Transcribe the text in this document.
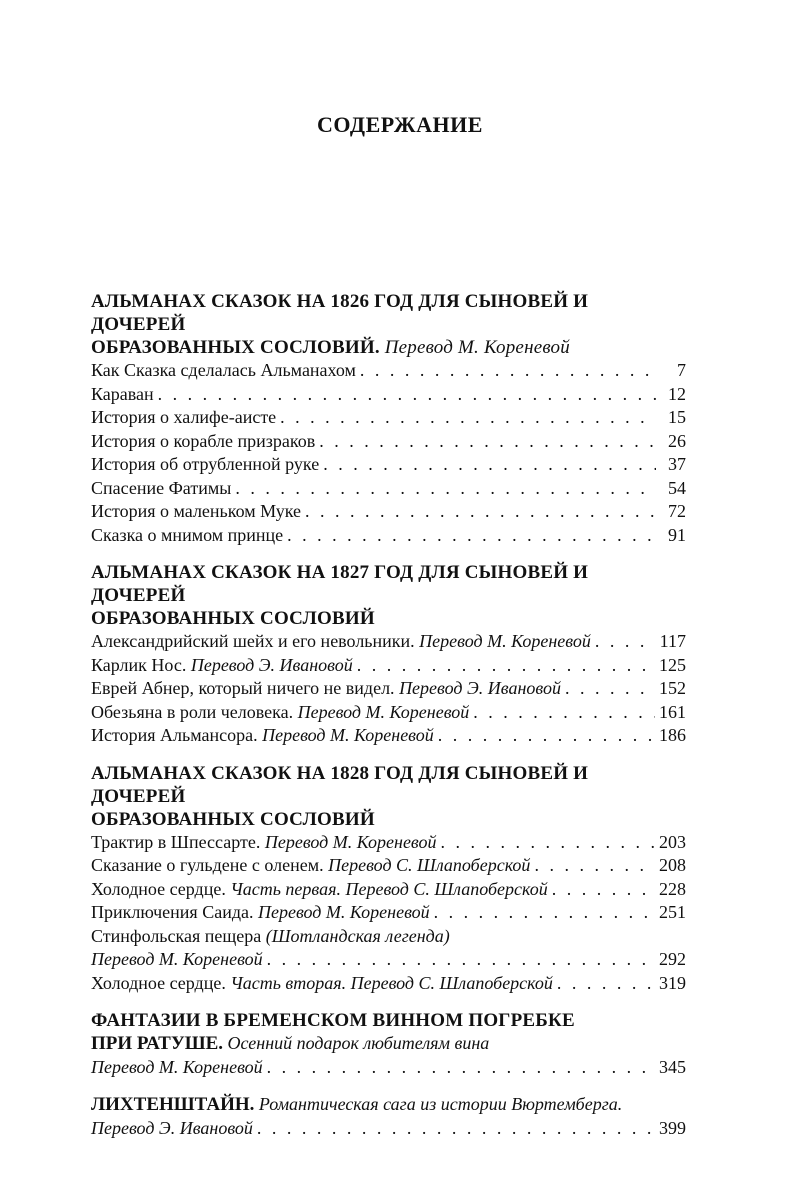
СОДЕРЖАНИЕ
АЛЬМАНАХ СКАЗОК НА 1826 ГОД ДЛЯ СЫНОВЕЙ И ДОЧЕРЕЙ
ОБРАЗОВАННЫХ СОСЛОВИЙ. Перевод М. Кореневой
Как Сказка сделалась Альманахом . . .	7
Караван . . .	12
История о халифе-аисте . . .	15
История о корабле призраков . . .	26
История об отрубленной руке . . .	37
Спасение Фатимы . . .	54
История о маленьком Муке . . .	72
Сказка о мнимом принце . . .	91
АЛЬМАНАХ СКАЗОК НА 1827 ГОД ДЛЯ СЫНОВЕЙ И ДОЧЕРЕЙ
ОБРАЗОВАННЫХ СОСЛОВИЙ
Александрийский шейх и его невольники. Перевод М. Кореневой . . .	117
Карлик Нос. Перевод Э. Ивановой . . .	125
Еврей Абнер, который ничего не видел. Перевод Э. Ивановой . . .	152
Обезьяна в роли человека. Перевод М. Кореневой . . .	161
История Альмансора. Перевод М. Кореневой . . .	186
АЛЬМАНАХ СКАЗОК НА 1828 ГОД ДЛЯ СЫНОВЕЙ И ДОЧЕРЕЙ
ОБРАЗОВАННЫХ СОСЛОВИЙ
Трактир в Шпессарте. Перевод М. Кореневой . . .	203
Сказание о гульдене с оленем. Перевод С. Шлапоберской . . .	208
Холодное сердце. Часть первая. Перевод С. Шлапоберской . . .	228
Приключения Саида. Перевод М. Кореневой . . .	251
Стинфольская пещера (Шотландская легенда)
Перевод М. Кореневой . . .	292
Холодное сердце. Часть вторая. Перевод С. Шлапоберской . . .	319
ФАНТАЗИИ В БРЕМЕНСКОМ ВИННОМ ПОГРЕБКЕ
ПРИ РАТУШЕ. Осенний подарок любителям вина
Перевод М. Кореневой . . .	345
ЛИХТЕНШТАЙН. Романтическая сага из истории Вюртемберга.
Перевод Э. Ивановой . . .	399
